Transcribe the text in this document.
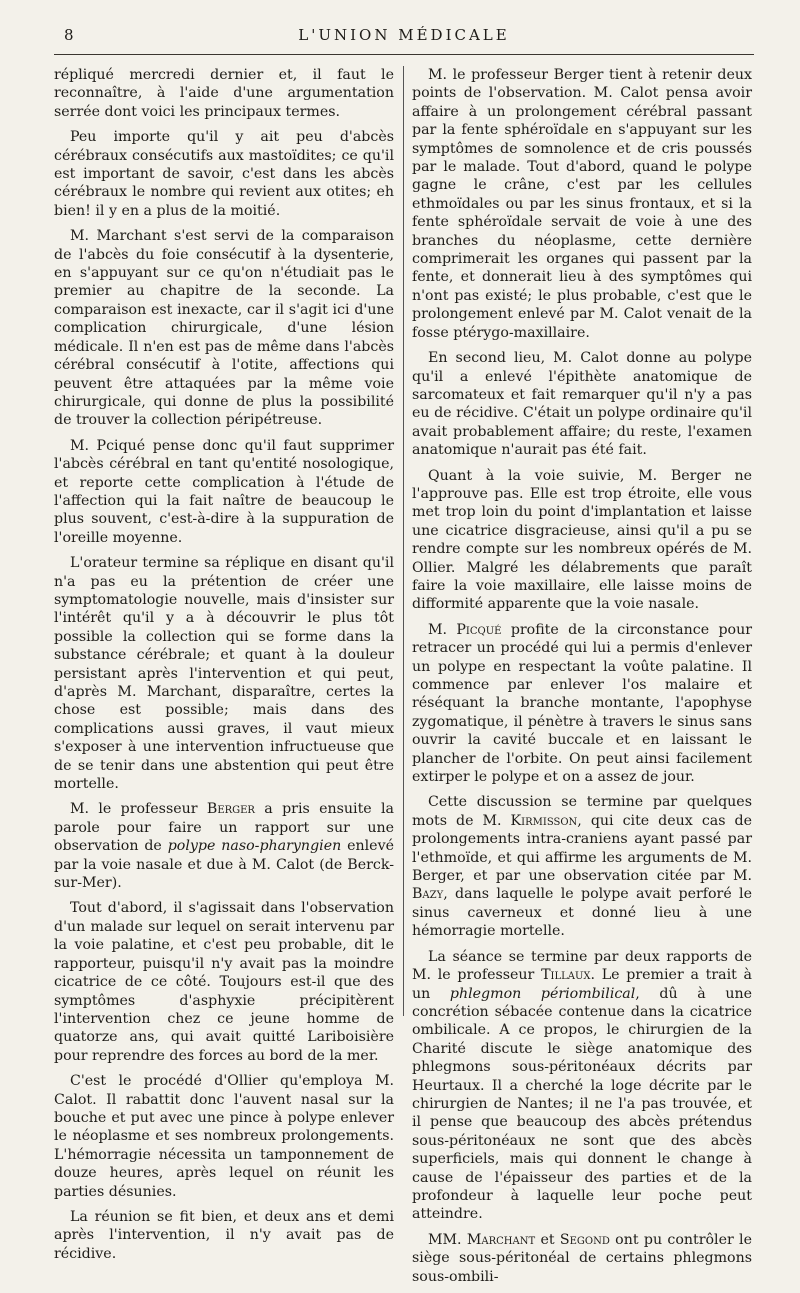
8	L'UNION MÉDICALE

répliqué mercredi dernier et, il faut le reconnaître, à l'aide d'une argumentation serrée dont voici les principaux termes.

Peu importe qu'il y ait peu d'abcès cérébraux consécutifs aux mastoïdites; ce qu'il est important de savoir, c'est dans les abcès cérébraux le nombre qui revient aux otites; eh bien! il y en a plus de la moitié.

M. Marchant s'est servi de la comparaison de l'abcès du foie consécutif à la dysenterie, en s'appuyant sur ce qu'on n'étudiait pas le premier au chapitre de la seconde. La comparaison est inexacte, car il s'agit ici d'une complication chirurgicale, d'une lésion médicale. Il n'en est pas de même dans l'abcès cérébral consécutif à l'otite, affections qui peuvent être attaquées par la même voie chirurgicale, qui donne de plus la possibilité de trouver la collection péripétreuse.

M. Pciqué pense donc qu'il faut supprimer l'abcès cérébral en tant qu'entité nosologique, et reporte cette complication à l'étude de l'affection qui la fait naître de beaucoup le plus souvent, c'est-à-dire à la suppuration de l'oreille moyenne.

L'orateur termine sa réplique en disant qu'il n'a pas eu la prétention de créer une symptomatologie nouvelle, mais d'insister sur l'intérêt qu'il y a à découvrir le plus tôt possible la collection qui se forme dans la substance cérébrale; et quant à la douleur persistant après l'intervention et qui peut, d'après M. Marchant, disparaître, certes la chose est possible; mais dans des complications aussi graves, il vaut mieux s'exposer à une intervention infructueuse que de se tenir dans une abstention qui peut être mortelle.

M. le professeur Berger a pris ensuite la parole pour faire un rapport sur une observation de polype naso-pharyngien enlevé par la voie nasale et due à M. Calot (de Berck-sur-Mer).

Tout d'abord, il s'agissait dans l'observation d'un malade sur lequel on serait intervenu par la voie palatine, et c'est peu probable, dit le rapporteur, puisqu'il n'y avait pas la moindre cicatrice de ce côté. Toujours est-il que des symptômes d'asphyxie précipitèrent l'intervention chez ce jeune homme de quatorze ans, qui avait quitté Lariboisière pour reprendre des forces au bord de la mer.

C'est le procédé d'Ollier qu'employa M. Calot. Il rabattit donc l'auvent nasal sur la bouche et put avec une pince à polype enlever le néoplasme et ses nombreux prolongements. L'hémorragie nécessita un tamponnement de douze heures, après lequel on réunit les parties désunies.

La réunion se fit bien, et deux ans et demi après l'intervention, il n'y avait pas de récidive.

M. le professeur Berger tient à retenir deux points de l'observation. M. Calot pensa avoir affaire à un prolongement cérébral passant par la fente sphéroïdale en s'appuyant sur les symptômes de somnolence et de cris poussés par le malade. Tout d'abord, quand le polype gagne le crâne, c'est par les cellules ethmoïdales ou par les sinus frontaux, et si la fente sphéroïdale servait de voie à une des branches du néoplasme, cette dernière comprimerait les organes qui passent par la fente, et donnerait lieu à des symptômes qui n'ont pas existé; le plus probable, c'est que le prolongement enlevé par M. Calot venait de la fosse ptérygo-maxillaire.

En second lieu, M. Calot donne au polype qu'il a enlevé l'épithète anatomique de sarcomateux et fait remarquer qu'il n'y a pas eu de récidive. C'était un polype ordinaire qu'il avait probablement affaire; du reste, l'examen anatomique n'aurait pas été fait.

Quant à la voie suivie, M. Berger ne l'approuve pas. Elle est trop étroite, elle vous met trop loin du point d'implantation et laisse une cicatrice disgracieuse, ainsi qu'il a pu se rendre compte sur les nombreux opérés de M. Ollier. Malgré les délabrements que paraît faire la voie maxillaire, elle laisse moins de difformité apparente que la voie nasale.

M. Picqué profite de la circonstance pour retracer un procédé qui lui a permis d'enlever un polype en respectant la voûte palatine. Il commence par enlever l'os malaire et réséquant la branche montante, l'apophyse zygomatique, il pénètre à travers le sinus sans ouvrir la cavité buccale et en laissant le plancher de l'orbite. On peut ainsi facilement extirper le polype et on a assez de jour.

Cette discussion se termine par quelques mots de M. Kirmisson, qui cite deux cas de prolongements intra-craniens ayant passé par l'ethmoïde, et qui affirme les arguments de M. Berger, et par une observation citée par M. Bazy, dans laquelle le polype avait perforé le sinus caverneux et donné lieu à une hémorragie mortelle.

La séance se termine par deux rapports de M. le professeur Tillaux. Le premier a trait à un phlegmon périombilical, dû à une concrétion sébacée contenue dans la cicatrice ombilicale. A ce propos, le chirurgien de la Charité discute le siège anatomique des phlegmons sous-péritonéaux décrits par Heurtaux. Il a cherché la loge décrite par le chirurgien de Nantes; il ne l'a pas trouvée, et il pense que beaucoup des abcès prétendus sous-péritonéaux ne sont que des abcès superficiels, mais qui donnent le change à cause de l'épaisseur des parties et de la profondeur à laquelle leur poche peut atteindre.

MM. Marchant et Segond ont pu contrôler le siège sous-péritonéal de certains phlegmons sous-ombili-
